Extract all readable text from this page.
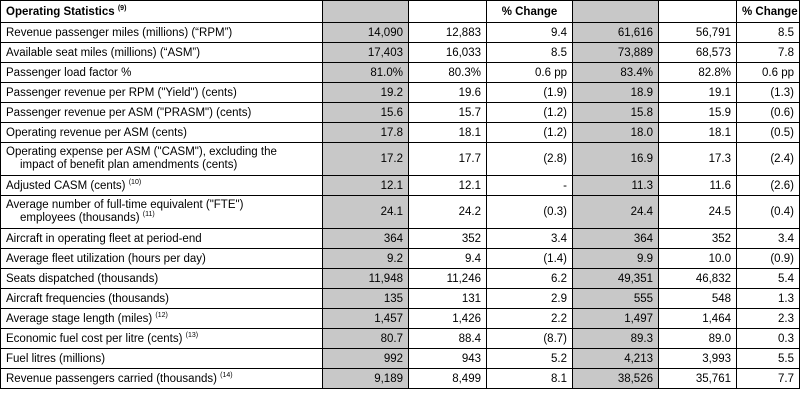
Operating Statistics $^{(9)}$			% Change			% Change

Revenue passenger miles (millions) (“RPM”)	14,090	12,883	9.4	61,616	56,791	8.5

Available seat miles (millions) (“ASM”)	17,403	16,033	8.5	73,889	68,573	7.8

Passenger load factor %	81.0%	80.3%	0.6 pp	83.4%	82.8%	0.6 pp

Passenger revenue per RPM ("Yield") (cents)	19.2	19.6	(1.9)	18.9	19.1	(1.3)

Passenger revenue per ASM ("PRASM") (cents)	15.6	15.7	(1.2)	15.8	15.9	(0.6)

Operating revenue per ASM (cents)	17.8	18.1	(1.2)	18.0	18.1	(0.5)

Operating expense per ASM ("CASM"), excluding the
impact of benefit plan amendments (cents)	17.2	17.7	(2.8)	16.9	17.3	(2.4)

Adjusted CASM (cents) $^{(10)}$	12.1	12.1	-	11.3	11.6	(2.6)

Average number of full-time equivalent ("FTE")
employees (thousands) $^{(11)}$	24.1	24.2	(0.3)	24.4	24.5	(0.4)

Aircraft in operating fleet at period-end	364	352	3.4	364	352	3.4

Average fleet utilization (hours per day)	9.2	9.4	(1.4)	9.9	10.0	(0.9)

Seats dispatched (thousands)	11,948	11,246	6.2	49,351	46,832	5.4

Aircraft frequencies (thousands)	135	131	2.9	555	548	1.3

Average stage length (miles) $^{(12)}$	1,457	1,426	2.2	1,497	1,464	2.3

Economic fuel cost per litre (cents) $^{(13)}$	80.7	88.4	(8.7)	89.3	89.0	0.3

Fuel litres (millions)	992	943	5.2	4,213	3,993	5.5

Revenue passengers carried (thousands) $^{(14)}$	9,189	8,499	8.1	38,526	35,761	7.7
